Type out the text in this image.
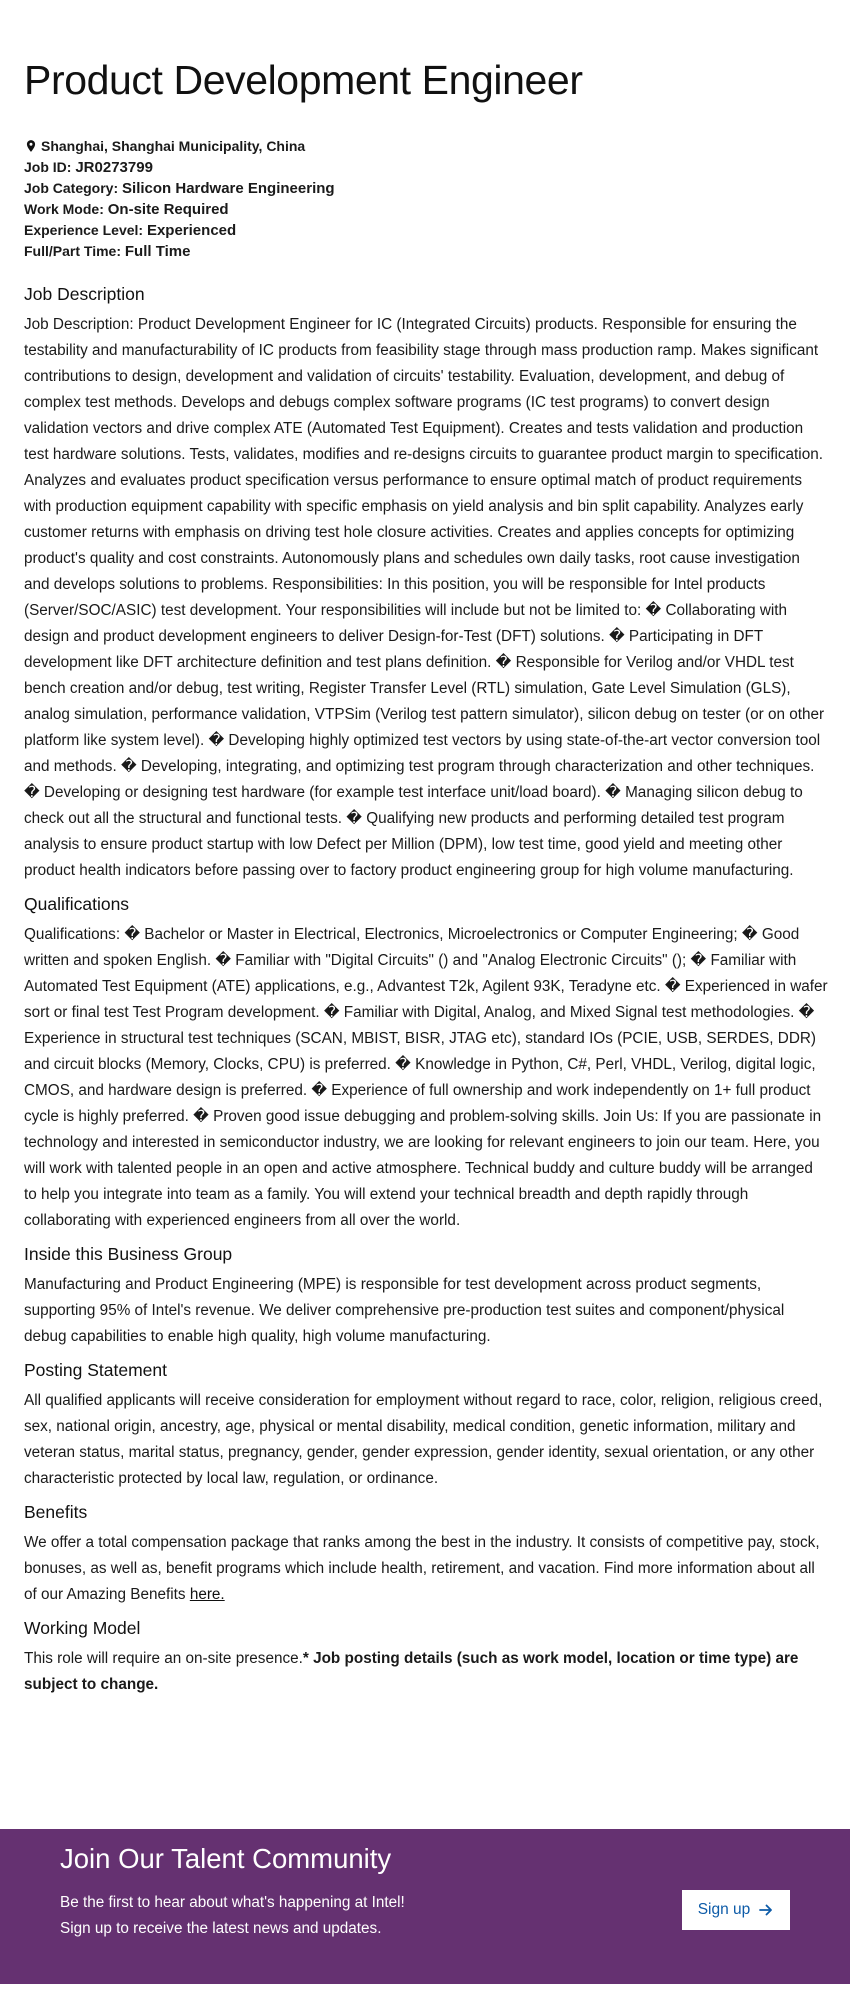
Product Development Engineer
Shanghai, Shanghai Municipality, China
Job ID: JR0273799
Job Category: Silicon Hardware Engineering
Work Mode: On-site Required
Experience Level: Experienced
Full/Part Time: Full Time
Job Description

Job Description: Product Development Engineer for IC (Integrated Circuits) products. Responsible for ensuring the testability and manufacturability of IC products from feasibility stage through mass production ramp. Makes significant contributions to design, development and validation of circuits' testability. Evaluation, development, and debug of complex test methods. Develops and debugs complex software programs (IC test programs) to convert design validation vectors and drive complex ATE (Automated Test Equipment). Creates and tests validation and production test hardware solutions. Tests, validates, modifies and re-designs circuits to guarantee product margin to specification. Analyzes and evaluates product specification versus performance to ensure optimal match of product requirements with production equipment capability with specific emphasis on yield analysis and bin split capability. Analyzes early customer returns with emphasis on driving test hole closure activities. Creates and applies concepts for optimizing product's quality and cost constraints. Autonomously plans and schedules own daily tasks, root cause investigation and develops solutions to problems. Responsibilities: In this position, you will be responsible for Intel products (Server/SOC/ASIC) test development. Your responsibilities will include but not be limited to: � Collaborating with design and product development engineers to deliver Design-for-Test (DFT) solutions. � Participating in DFT development like DFT architecture definition and test plans definition. � Responsible for Verilog and/or VHDL test bench creation and/or debug, test writing, Register Transfer Level (RTL) simulation, Gate Level Simulation (GLS), analog simulation, performance validation, VTPSim (Verilog test pattern simulator), silicon debug on tester (or on other platform like system level). � Developing highly optimized test vectors by using state-of-the-art vector conversion tool and methods. � Developing, integrating, and optimizing test program through characterization and other techniques. � Developing or designing test hardware (for example test interface unit/load board). � Managing silicon debug to check out all the structural and functional tests. � Qualifying new products and performing detailed test program analysis to ensure product startup with low Defect per Million (DPM), low test time, good yield and meeting other product health indicators before passing over to factory product engineering group for high volume manufacturing.

Qualifications

Qualifications: � Bachelor or Master in Electrical, Electronics, Microelectronics or Computer Engineering; � Good written and spoken English. � Familiar with "Digital Circuits" () and "Analog Electronic Circuits" (); � Familiar with Automated Test Equipment (ATE) applications, e.g., Advantest T2k, Agilent 93K, Teradyne etc. � Experienced in wafer sort or final test Test Program development. � Familiar with Digital, Analog, and Mixed Signal test methodologies. � Experience in structural test techniques (SCAN, MBIST, BISR, JTAG etc), standard IOs (PCIE, USB, SERDES, DDR) and circuit blocks (Memory, Clocks, CPU) is preferred. � Knowledge in Python, C#, Perl, VHDL, Verilog, digital logic, CMOS, and hardware design is preferred. � Experience of full ownership and work independently on 1+ full product cycle is highly preferred. � Proven good issue debugging and problem-solving skills. Join Us: If you are passionate in technology and interested in semiconductor industry, we are looking for relevant engineers to join our team. Here, you will work with talented people in an open and active atmosphere. Technical buddy and culture buddy will be arranged to help you integrate into team as a family. You will extend your technical breadth and depth rapidly through collaborating with experienced engineers from all over the world.

Inside this Business Group

Manufacturing and Product Engineering (MPE) is responsible for test development across product segments, supporting 95% of Intel's revenue. We deliver comprehensive pre-production test suites and component/physical debug capabilities to enable high quality, high volume manufacturing.

Posting Statement

All qualified applicants will receive consideration for employment without regard to race, color, religion, religious creed, sex, national origin, ancestry, age, physical or mental disability, medical condition, genetic information, military and veteran status, marital status, pregnancy, gender, gender expression, gender identity, sexual orientation, or any other characteristic protected by local law, regulation, or ordinance.

Benefits

We offer a total compensation package that ranks among the best in the industry. It consists of competitive pay, stock, bonuses, as well as, benefit programs which include health, retirement, and vacation. Find more information about all of our Amazing Benefits here.

Working Model

This role will require an on-site presence.* Job posting details (such as work model, location or time type) are subject to change.

Join Our Talent Community
Be the first to hear about what's happening at Intel! Sign up to receive the latest news and updates.
Sign up
